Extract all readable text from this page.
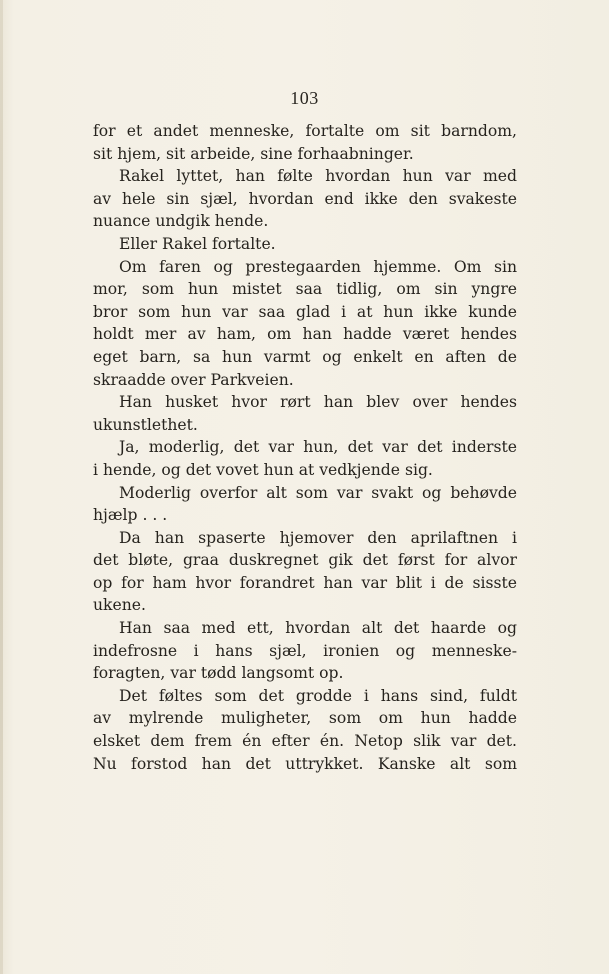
103
for et andet menneske, fortalte om sit barndom,
sit hjem, sit arbeide, sine forhaabninger.
Rakel lyttet, han følte hvordan hun var med
av hele sin sjæl, hvordan end ikke den svakeste
nuance undgik hende.
Eller Rakel fortalte.
Om faren og prestegaarden hjemme. Om sin
mor, som hun mistet saa tidlig, om sin yngre
bror som hun var saa glad i at hun ikke kunde
holdt mer av ham, om han hadde været hendes
eget barn, sa hun varmt og enkelt en aften de
skraadde over Parkveien.
Han husket hvor rørt han blev over hendes
ukunstlethet.
Ja, moderlig, det var hun, det var det inderste
i hende, og det vovet hun at vedkjende sig.
Moderlig overfor alt som var svakt og behøvde
hjælp . . .
Da han spaserte hjemover den aprilaftnen i
det bløte, graa duskregnet gik det først for alvor
op for ham hvor forandret han var blit i de sisste
ukene.
Han saa med ett, hvordan alt det haarde og
indefrosne i hans sjæl, ironien og menneske-
foragten, var tødd langsomt op.
Det føltes som det grodde i hans sind, fuldt
av mylrende muligheter, som om hun hadde
elsket dem frem én efter én. Netop slik var det.
Nu forstod han det uttrykket. Kanske alt som
